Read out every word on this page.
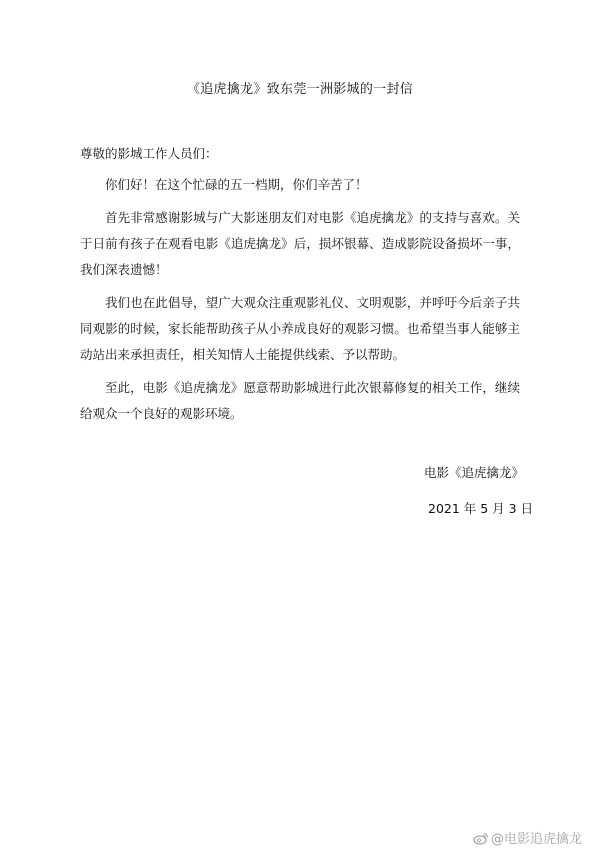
《追虎擒龙》致东莞一洲影城的一封信
尊敬的影城工作人员们：

你们好！在这个忙碌的五一档期，你们辛苦了！

首先非常感谢影城与广大影迷朋友们对电影《追虎擒龙》的支持与喜欢。关于日前有孩子在观看电影《追虎擒龙》后，损坏银幕、造成影院设备损坏一事，我们深表遗憾！

我们也在此倡导，望广大观众注重观影礼仪、文明观影，并呼吁今后亲子共同观影的时候，家长能帮助孩子从小养成良好的观影习惯。也希望当事人能够主动站出来承担责任，相关知情人士能提供线索、予以帮助。

至此，电影《追虎擒龙》愿意帮助影城进行此次银幕修复的相关工作，继续给观众一个良好的观影环境。

电影《追虎擒龙》
2021 年 5 月 3 日
@电影追虎擒龙
